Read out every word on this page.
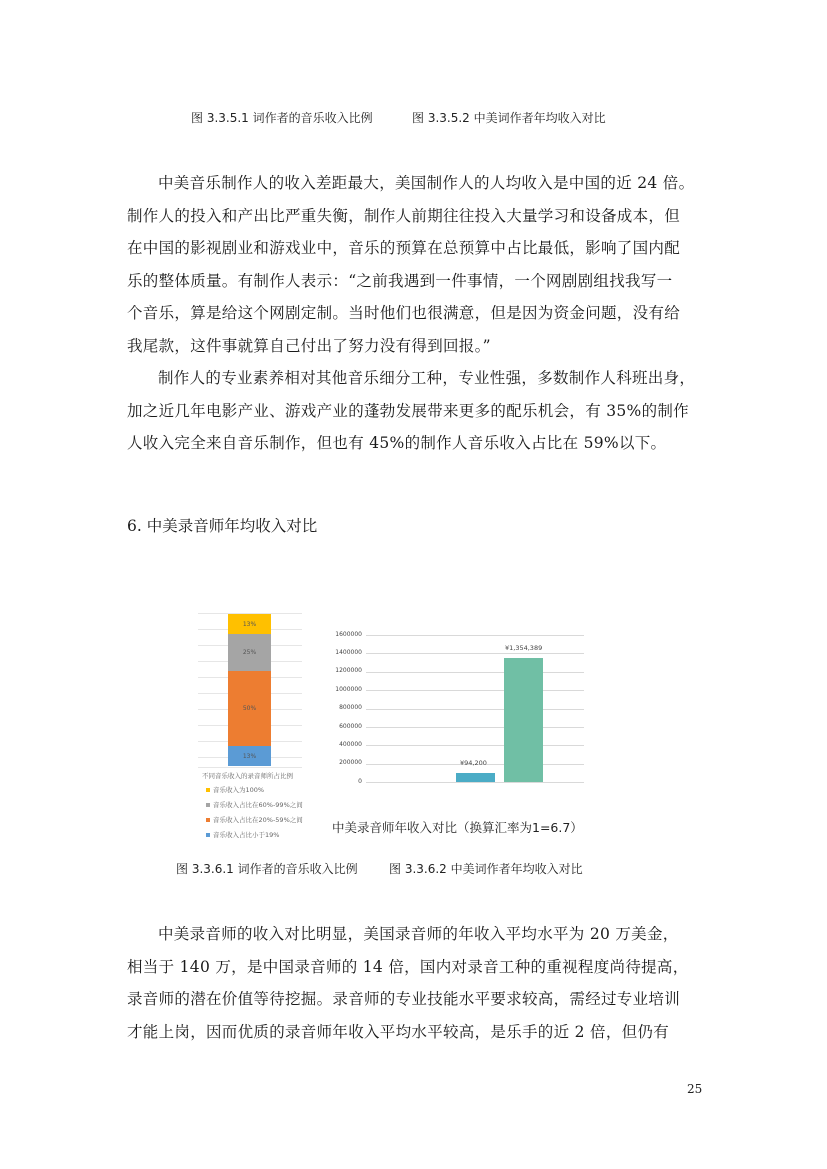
图 3.3.5.1 词作者的音乐收入比例	图 3.3.5.2 中美词作者年均收入对比

中美音乐制作人的收入差距最大，美国制作人的人均收入是中国的近 24 倍。

制作人的投入和产出比严重失衡，制作人前期往往投入大量学习和设备成本，但

在中国的影视剧业和游戏业中，音乐的预算在总预算中占比最低，影响了国内配

乐的整体质量。有制作人表示：“之前我遇到一件事情，一个网剧剧组找我写一

个音乐，算是给这个网剧定制。当时他们也很满意，但是因为资金问题，没有给

我尾款，这件事就算自己付出了努力没有得到回报。”

制作人的专业素养相对其他音乐细分工种，专业性强，多数制作人科班出身，

加之近几年电影产业、游戏产业的蓬勃发展带来更多的配乐机会，有 35%的制作

人收入完全来自音乐制作，但也有 45%的制作人音乐收入占比在 59%以下。

6. 中美录音师年均收入对比
13%
25%
50%
13%
不同音乐收入的录音师所占比例
音乐收入为100%
音乐收入占比在60%-99%之间
音乐收入占比在20%-59%之间
音乐收入占比小于19%
1600000
1400000
1200000
1000000
800000
600000
400000
200000
0
¥94,200
¥1,354,389
中美录音师年收入对比（换算汇率为1=6.7）
图 3.3.6.1 词作者的音乐收入比例	图 3.3.6.2 中美词作者年均收入对比

中美录音师的收入对比明显，美国录音师的年收入平均水平为 20 万美金，

相当于 140 万，是中国录音师的 14 倍，国内对录音工种的重视程度尚待提高，

录音师的潜在价值等待挖掘。录音师的专业技能水平要求较高，需经过专业培训

才能上岗，因而优质的录音师年收入平均水平较高，是乐手的近 2 倍，但仍有

25
